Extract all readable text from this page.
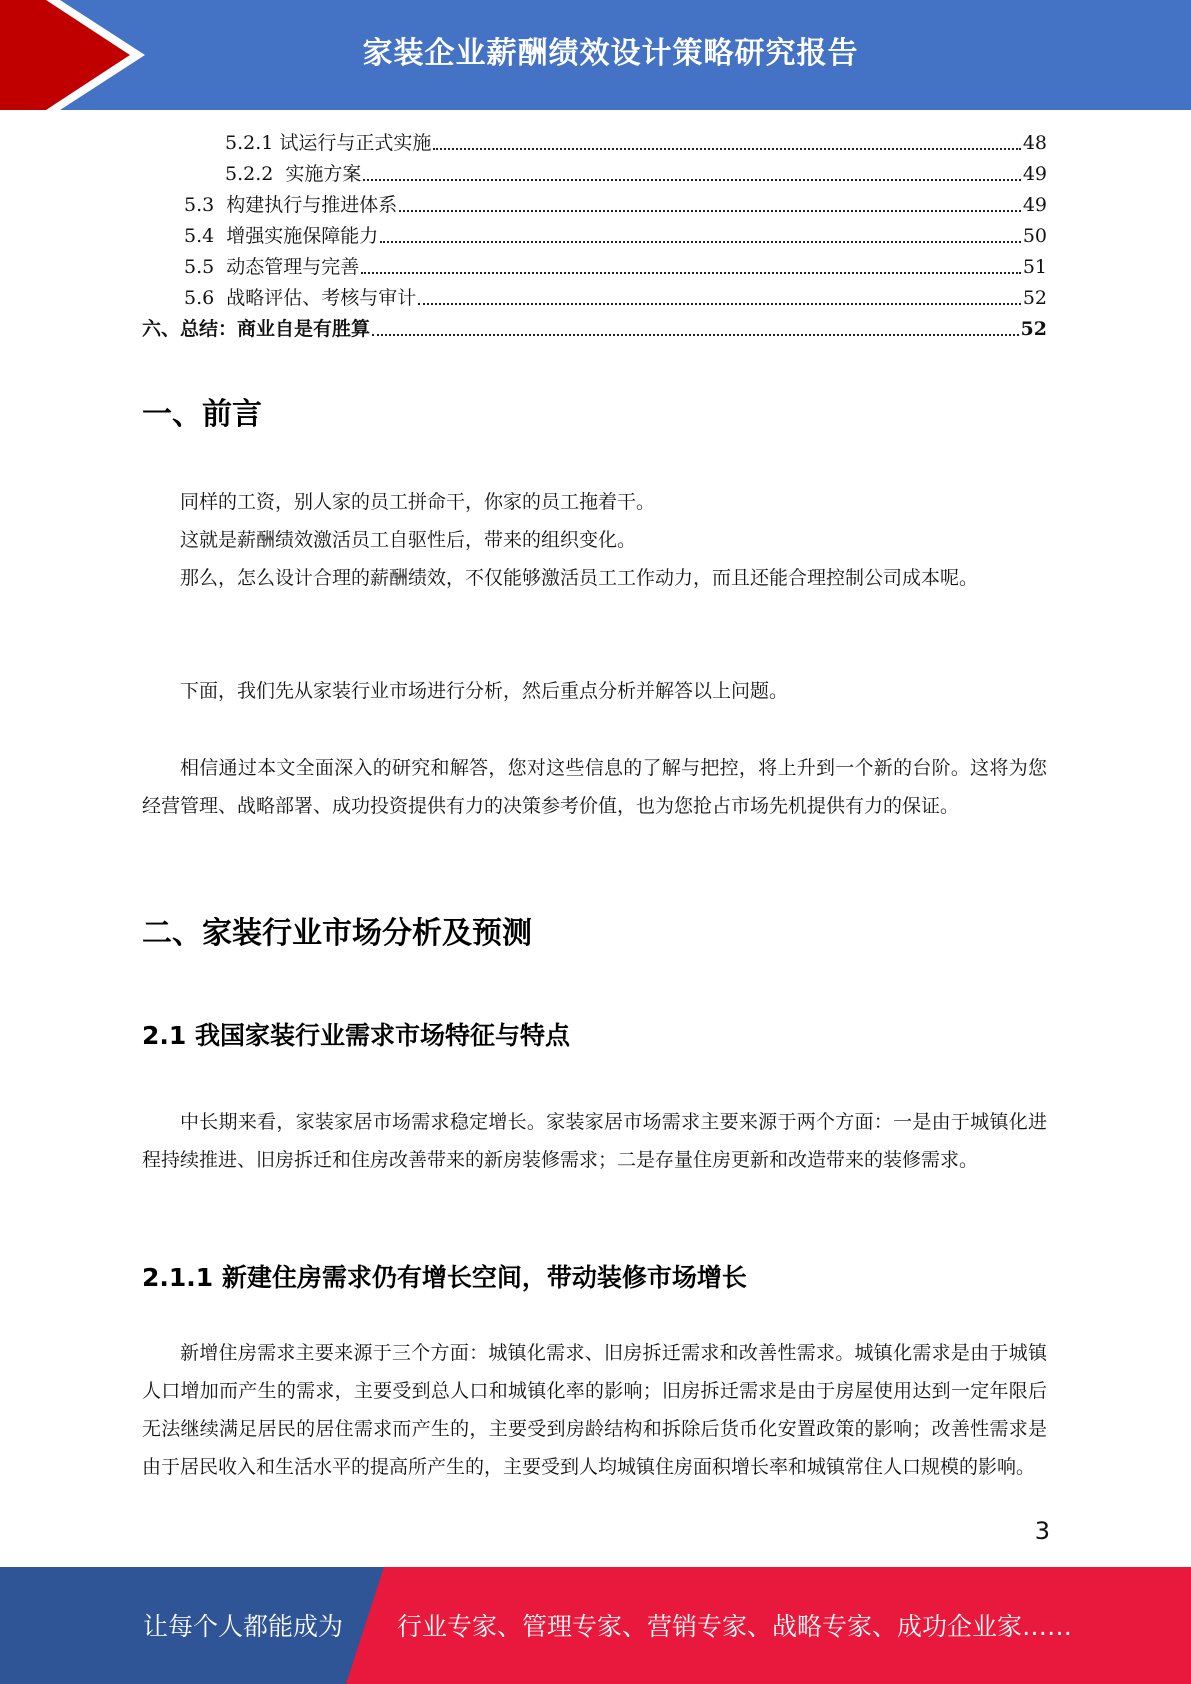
家装企业薪酬绩效设计策略研究报告
5.2.1 试运行与正式实施	48
5.2.2  实施方案	49
5.3  构建执行与推进体系	49
5.4  增强实施保障能力	50
5.5  动态管理与完善	51
5.6  战略评估、考核与审计	52
六、总结：商业自是有胜算	52
一、前言
同样的工资，别人家的员工拼命干，你家的员工拖着干。
这就是薪酬绩效激活员工自驱性后，带来的组织变化。
那么，怎么设计合理的薪酬绩效，不仅能够激活员工工作动力，而且还能合理控制公司成本呢。
下面，我们先从家装行业市场进行分析，然后重点分析并解答以上问题。
相信通过本文全面深入的研究和解答，您对这些信息的了解与把控，将上升到一个新的台阶。这将为您经营管理、战略部署、成功投资提供有力的决策参考价值，也为您抢占市场先机提供有力的保证。
二、家装行业市场分析及预测
2.1 我国家装行业需求市场特征与特点
中长期来看，家装家居市场需求稳定增长。家装家居市场需求主要来源于两个方面：一是由于城镇化进程持续推进、旧房拆迁和住房改善带来的新房装修需求；二是存量住房更新和改造带来的装修需求。
2.1.1 新建住房需求仍有增长空间，带动装修市场增长
新增住房需求主要来源于三个方面：城镇化需求、旧房拆迁需求和改善性需求。城镇化需求是由于城镇人口增加而产生的需求，主要受到总人口和城镇化率的影响；旧房拆迁需求是由于房屋使用达到一定年限后无法继续满足居民的居住需求而产生的，主要受到房龄结构和拆除后货币化安置政策的影响；改善性需求是由于居民收入和生活水平的提高所产生的，主要受到人均城镇住房面积增长率和城镇常住人口规模的影响。
3
让每个人都能成为 行业专家、管理专家、营销专家、战略专家、成功企业家……
